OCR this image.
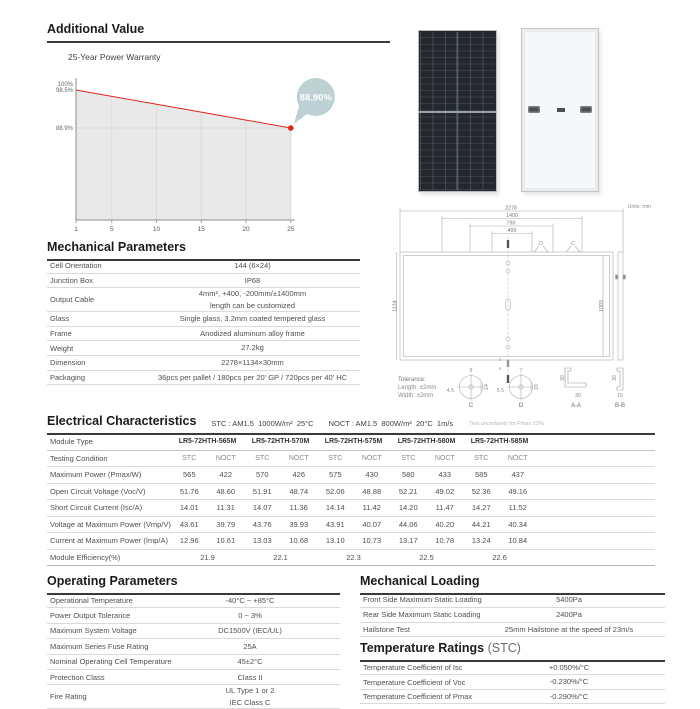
Additional Value
25-Year Power Warranty
100%
98.5%
88.9%
1	5	10	15	20	25
88.90%
Units: mm
2278
1400
790
400
1134	1093
D	C
4
4
Tolerance:
Length: ±2mm
Width: ±2mm
9
4.5
14
C
7
5.5
10
D
30
30
A-A
30
15
B-B
Mechanical Parameters
Cell Orientation	144 (6×24)
Junction Box	IP68
Output Cable
4mm², +400, -200mm/±1400mm
length can be customized
Glass	Single glass, 3.2mm coated tempered glass
Frame	Anodized aluminum alloy frame
Weight	27.2kg
Dimension	2278×1134×30mm
Packaging	36pcs per pallet / 180pcs per 20' GP / 720pcs per 40' HC
Electrical Characteristics STC : AM1.5  1000W/m²  25°C NOCT : AM1.5  800W/m²  20°C  1m/s	Test uncertainty for Pmax ±3%
Module Type	LR5-72HTH-565M	LR5-72HTH-570M	LR5-72HTH-575M	LR5-72HTH-580M	LR5-72HTH-585M
Testing Condition	STC	NOCT	STC	NOCT	STC	NOCT	STC	NOCT	STC	NOCT
Maximum Power (Pmax/W)	565	422	570	426	575	430	580	433	585	437
Open Circuit Voltage (Voc/V)	51.76	48.60	51.91	48.74	52.06	48.88	52.21	49.02	52.36	49.16
Short Circuit Current (Isc/A)	14.01	11.31	14.07	11.36	14.14	11.42	14.20	11.47	14.27	11.52
Voltage at Maximum Power (Vmp/V)	43.61	39.79	43.76	39.93	43.91	40.07	44.06	40.20	44.21	40.34
Current at Maximum Power (Imp/A)	12.96	10.61	13.03	10.68	13.10	10.73	13.17	10.78	13.24	10.84
Module Efficiency(%)	21.9	22.1	22.3	22.5	22.6
Operating Parameters
Operational Temperature	-40°C ~ +85°C
Power Output Tolerance	0 ~ 3%
Maximum System Voltage	DC1500V (IEC/UL)
Maximum Series Fuse Rating	25A
Nominal Operating Cell Temperature	45±2°C
Protection Class	Class II
Fire Rating
UL Type 1 or 2
IEC Class C
Mechanical Loading
Front Side Maximum Static Loading	5400Pa
Rear Side Maximum Static Loading	2400Pa
Hailstone Test	25mm Hailstone at the speed of 23m/s
Temperature Ratings (STC)
Temperature Coefficient of Isc	+0.050%/°C
Temperature Coefficient of Voc	-0.230%/°C
Temperature Coefficient of Pmax	-0.290%/°C
